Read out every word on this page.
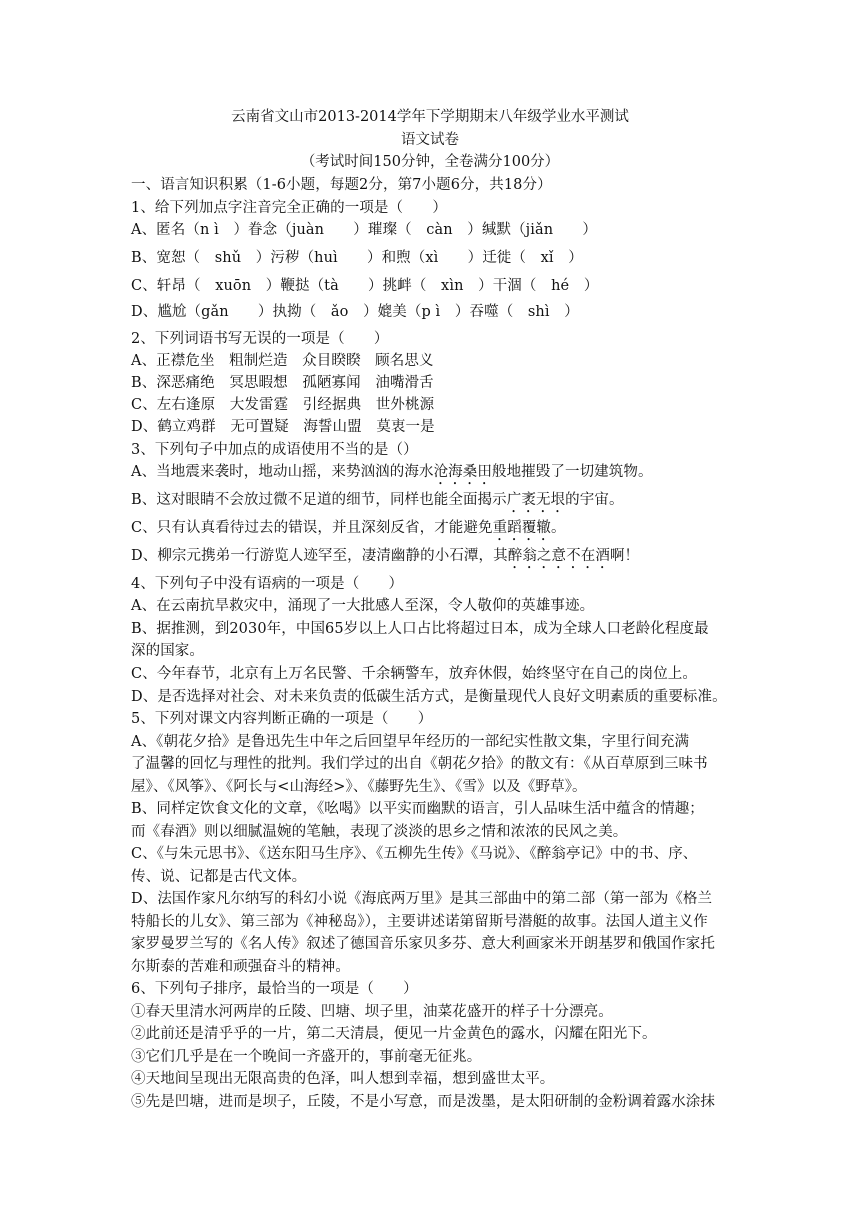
云南省文山市2013-2014学年下学期期末八年级学业水平测试
语文试卷
（考试时间150分钟，全卷满分100分）
一、语言知识积累（1-6小题，每题2分，第7小题6分，共18分）
1、给下列加点字注音完全正确的一项是（　　）
A、匿名（n ì　）眷念（juàn　　）璀璨（　càn　）缄默（jiǎn　　）
B、宽恕（　shǔ　）污秽（huì　　）和煦（xì　　）迁徙（　xǐ　）
C、轩昂（　xuōn　）鞭挞（tà　　）挑衅（　xìn　）干涸（　hé　）
D、尴尬（gǎn　　）执拗（　ǎo　）媲美（p ì　）吞噬（　shì　）
2、下列词语书写无误的一项是（　　）
A、正襟危坐　粗制烂造　众目睽睽　顾名思义
B、深恶痛绝　冥思暇想　孤陋寡闻　油嘴滑舌
C、左右逢原　大发雷霆　引经据典　世外桃源
D、鹤立鸡群　无可置疑　海誓山盟　莫衷一是
3、下列句子中加点的成语使用不当的是（）
A、当地震来袭时，地动山摇，来势汹汹的海水沧海桑田般地摧毁了一切建筑物。
B、这对眼睛不会放过微不足道的细节，同样也能全面揭示广袤无垠的宇宙。
C、只有认真看待过去的错误，并且深刻反省，才能避免重蹈覆辙。
D、柳宗元携弟一行游览人迹罕至，凄清幽静的小石潭，其醉翁之意不在酒啊！
4、下列句子中没有语病的一项是（　　）
A、在云南抗旱救灾中，涌现了一大批感人至深，令人敬仰的英雄事迹。
B、据推测，到2030年，中国65岁以上人口占比将超过日本，成为全球人口老龄化程度最
深的国家。
C、今年春节，北京有上万名民警、千余辆警车，放弃休假，始终坚守在自己的岗位上。
D、是否选择对社会、对未来负责的低碳生活方式，是衡量现代人良好文明素质的重要标准。
5、下列对课文内容判断正确的一项是（　　）
A、《朝花夕拾》是鲁迅先生中年之后回望早年经历的一部纪实性散文集，字里行间充满
了温馨的回忆与理性的批判。我们学过的出自《朝花夕拾》的散文有：《从百草原到三味书
屋》、《风筝》、《阿长与<山海经>》、《藤野先生》、《雪》以及《野草》。
B、同样定饮食文化的文章，《吆喝》以平实而幽默的语言，引人品味生活中蕴含的情趣；
而《春酒》则以细腻温婉的笔触，表现了淡淡的思乡之情和浓浓的民风之美。
C、《与朱元思书》、《送东阳马生序》、《五柳先生传》《马说》、《醉翁亭记》中的书、序、
传、说、记都是古代文体。
D、法国作家凡尔纳写的科幻小说《海底两万里》是其三部曲中的第二部（第一部为《格兰
特船长的儿女》、第三部为《神秘岛》），主要讲述诺第留斯号潜艇的故事。法国人道主义作
家罗曼罗兰写的《名人传》叙述了德国音乐家贝多芬、意大利画家米开朗基罗和俄国作家托
尔斯泰的苦难和顽强奋斗的精神。
6、下列句子排序，最恰当的一项是（　　）
①春天里清水河两岸的丘陵、凹塘、坝子里，油菜花盛开的样子十分漂亮。
②此前还是清乎乎的一片，第二天清晨，便见一片金黄色的露水，闪耀在阳光下。
③它们几乎是在一个晚间一齐盛开的，事前毫无征兆。
④天地间呈现出无限高贵的色泽，叫人想到幸福，想到盛世太平。
⑤先是凹塘，进而是坝子，丘陵，不是小写意，而是泼墨，是太阳研制的金粉调着露水涂抹
